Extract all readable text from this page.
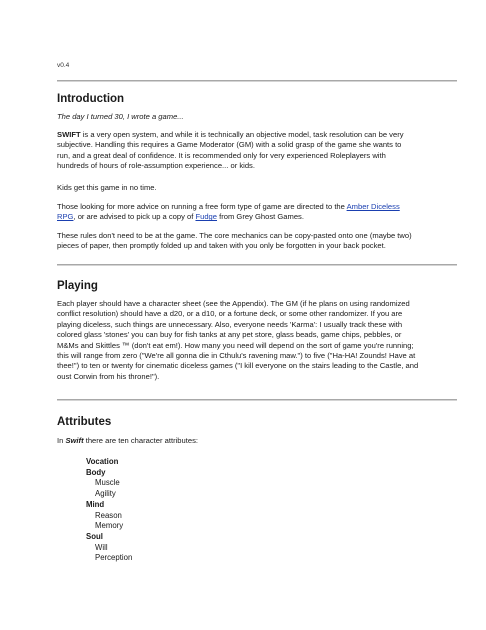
v0.4
Introduction
The day I turned 30, I wrote a game...
SWIFT is a very open system, and while it is technically an objective model, task resolution can be very
subjective. Handling this requires a Game Moderator (GM) with a solid grasp of the game she wants to
run, and a great deal of confidence. It is recommended only for very experienced Roleplayers with
hundreds of hours of role-assumption experience... or kids.
Kids get this game in no time.
Those looking for more advice on running a free form type of game are directed to the Amber Diceless
RPG, or are advised to pick up a copy of Fudge from Grey Ghost Games.
These rules don't need to be at the game. The core mechanics can be copy-pasted onto one (maybe two)
pieces of paper, then promptly folded up and taken with you only be forgotten in your back pocket.
Playing
Each player should have a character sheet (see the Appendix). The GM (if he plans on using randomized
conflict resolution) should have a d20, or a d10, or a fortune deck, or some other randomizer. If you are
playing diceless, such things are unnecessary. Also, everyone needs 'Karma': I usually track these with
colored glass 'stones' you can buy for fish tanks at any pet store, glass beads, game chips, pebbles, or
M&Ms and Skittles ™ (don't eat em!). How many you need will depend on the sort of game you're running;
this will range from zero ("We're all gonna die in Cthulu's ravening maw.") to five ("Ha-HA! Zounds! Have at
thee!") to ten or twenty for cinematic diceless games ("I kill everyone on the stairs leading to the Castle, and
oust Corwin from his throne!").
Attributes
In Swift there are ten character attributes:
Vocation
Body
Muscle
Agility
Mind
Reason
Memory
Soul
Will
Perception
